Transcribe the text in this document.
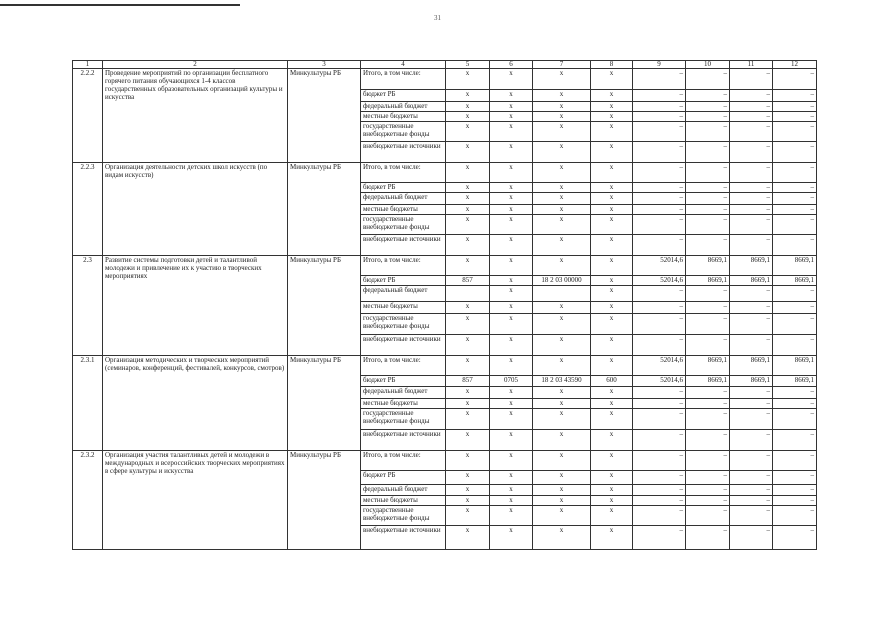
31
1	2	3	4	5	6	7	8	9	10	11	12
2.2.2	Проведение мероприятий по организации бесплатного горячего питания обучающихся 1-4 классов государственных образовательных организаций культуры и искусства	Минкультуры РБ	Итого, в том числе:	x	x	x	x	–	–	–	–
			бюджет РБ	x	x	x	x	–	–	–	–
			федеральный бюджет	x	x	x	x	–	–	–	–
			местные бюджеты	x	x	x	x	–	–	–	–
			государственные внебюджетные фонды	x	x	x	x	–	–	–	–
			внебюджетные источники	x	x	x	x	–	–	–	–
2.2.3	Организация деятельности детских школ искусств (по видам искусств)	Минкультуры РБ	Итого, в том числе:	x	x	x	x	–	–	–	–
			бюджет РБ	x	x	x	x	–	–	–	–
			федеральный бюджет	x	x	x	x	–	–	–	–
			местные бюджеты	x	x	x	x	–	–	–	–
			государственные внебюджетные фонды	x	x	x	x	–	–	–	–
			внебюджетные источники	x	x	x	x	–	–	–	–
2.3	Развитие системы подготовки детей и талантливой молодежи и привлечение их к участию в творческих мероприятиях	Минкультуры РБ	Итого, в том числе:	x	x	x	x	52014,6	8669,1	8669,1	8669,1
			бюджет РБ	857	x	18 2 03 00000	x	52014,6	8669,1	8669,1	8669,1
			федеральный бюджет		x		x	–	–	–	–
			местные бюджеты	x	x	x	x	–	–	–	–
			государственные внебюджетные фонды	x	x	x	x	–	–	–	–
			внебюджетные источники	x	x	x	x	–	–	–	–
2.3.1	Организация методических и творческих мероприятий (семинаров, конференций, фестивалей, конкурсов, смотров)	Минкультуры РБ	Итого, в том числе:	x	x	x	x	52014,6	8669,1	8669,1	8669,1
			бюджет РБ	857	0705	18 2 03 43590	600	52014,6	8669,1	8669,1	8669,1
			федеральный бюджет	x	x	x	x	–	–	–	–
			местные бюджеты	x	x	x	x	–	–	–	–
			государственные внебюджетные фонды	x	x	x	x	–	–	–	–
			внебюджетные источники	x	x	x	x	–	–	–	–
2.3.2	Организация участия талантливых детей и молодежи в международных и всероссийских творческих мероприятиях в сфере культуры и искусства	Минкультуры РБ	Итого, в том числе:	x	x	x	x	–	–	–	–
			бюджет РБ	x	x	x	x	–	–	–	–
			федеральный бюджет	x	x	x	x	–	–	–	–
			местные бюджеты	x	x	x	x	–	–	–	–
			государственные внебюджетные фонды	x	x	x	x	–	–	–	–
			внебюджетные источники	x	x	x	x	–	–	–	–
